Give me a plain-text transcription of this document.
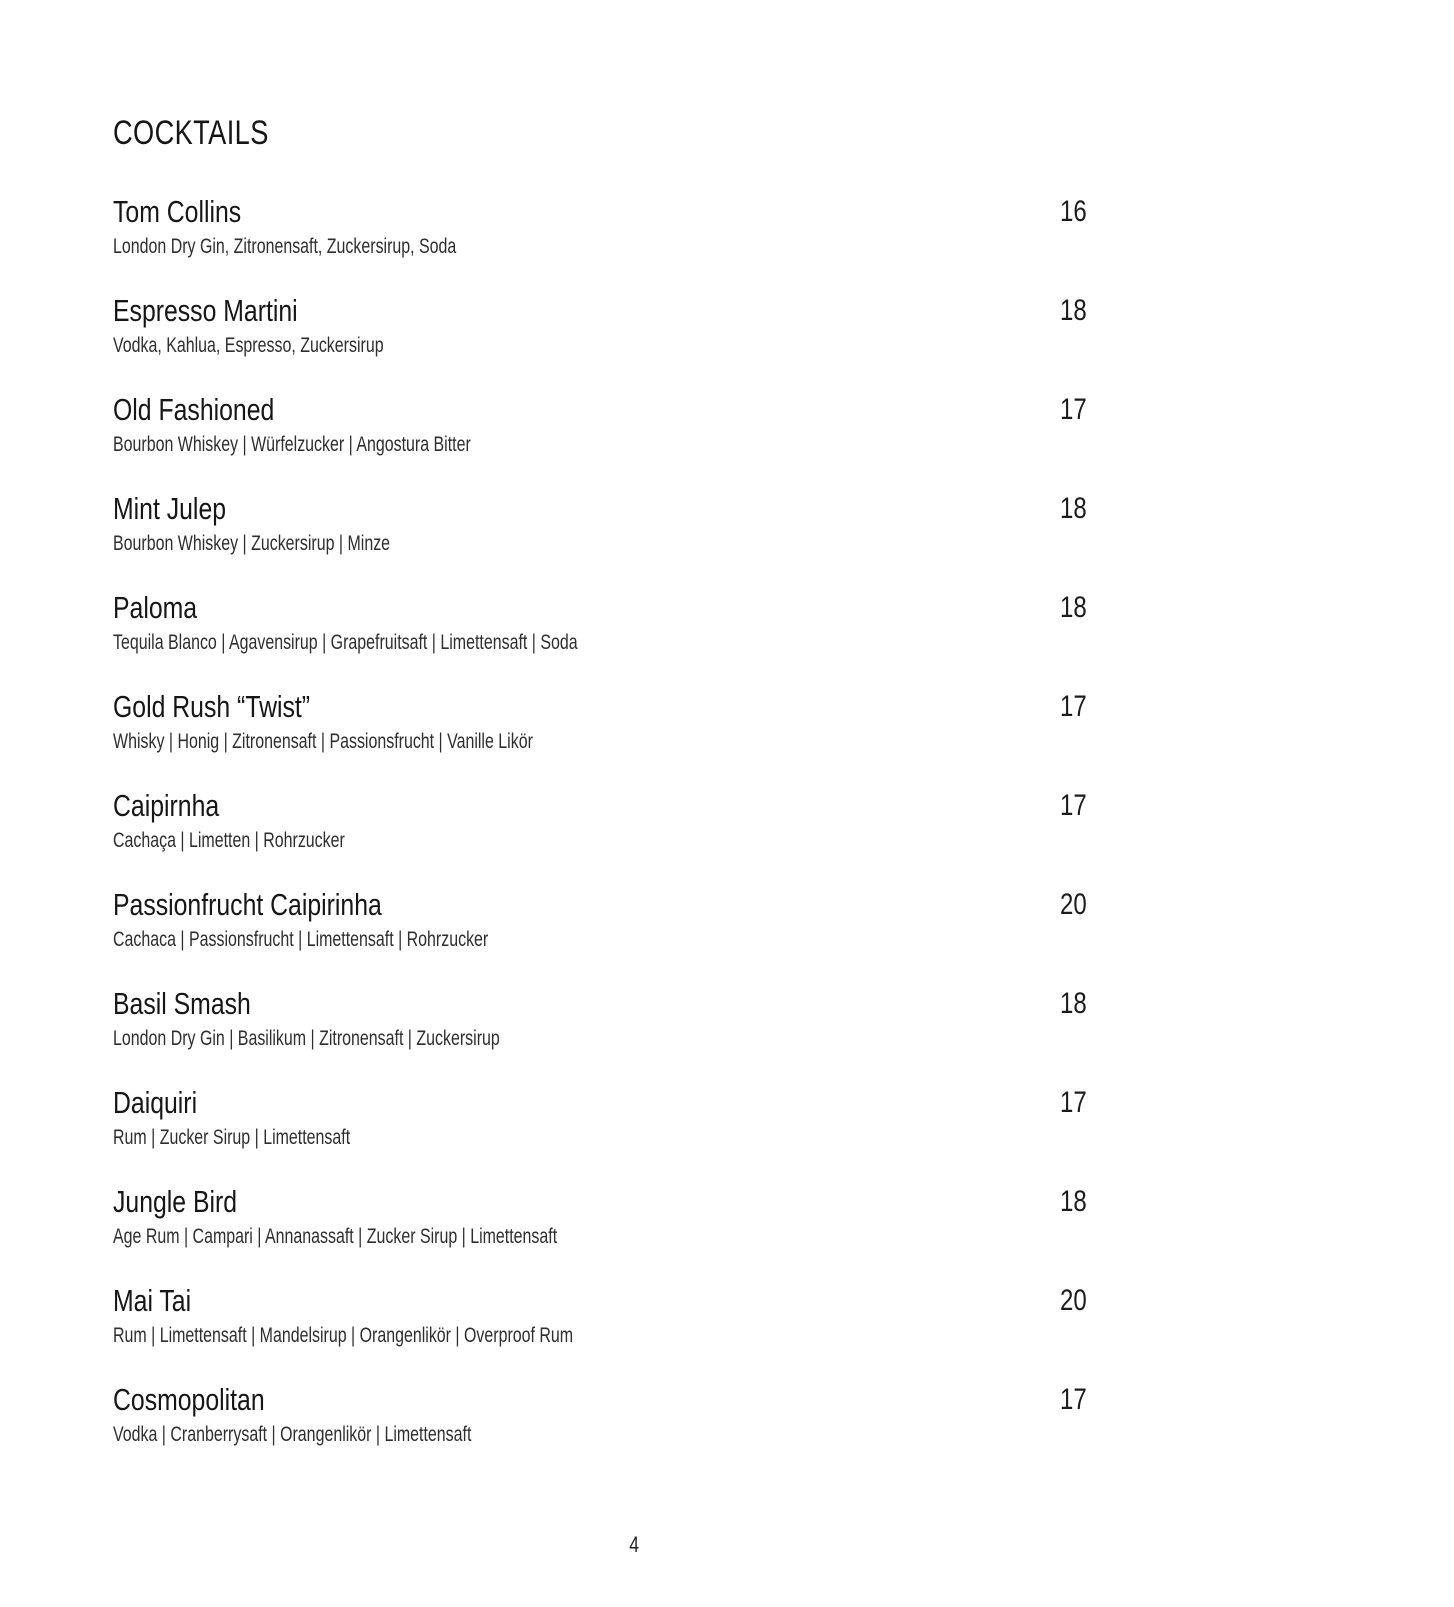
COCKTAILS
Tom Collins	16
London Dry Gin, Zitronensaft, Zuckersirup, Soda
Espresso Martini	18
Vodka, Kahlua, Espresso, Zuckersirup
Old Fashioned	17
Bourbon Whiskey | Würfelzucker | Angostura Bitter
Mint Julep	18
Bourbon Whiskey | Zuckersirup | Minze
Paloma	18
Tequila Blanco | Agavensirup | Grapefruitsaft | Limettensaft | Soda
Gold Rush “Twist”	17
Whisky | Honig | Zitronensaft | Passionsfrucht | Vanille Likör
Caipirnha	17
Cachaça | Limetten | Rohrzucker
Passionfrucht Caipirinha	20
Cachaca | Passionsfrucht | Limettensaft | Rohrzucker
Basil Smash	18
London Dry Gin | Basilikum | Zitronensaft | Zuckersirup
Daiquiri	17
Rum | Zucker Sirup | Limettensaft
Jungle Bird	18
Age Rum | Campari | Annanassaft | Zucker Sirup | Limettensaft
Mai Tai	20
Rum | Limettensaft | Mandelsirup | Orangenlikör | Overproof Rum
Cosmopolitan	17
Vodka | Cranberrysaft | Orangenlikör | Limettensaft
4
